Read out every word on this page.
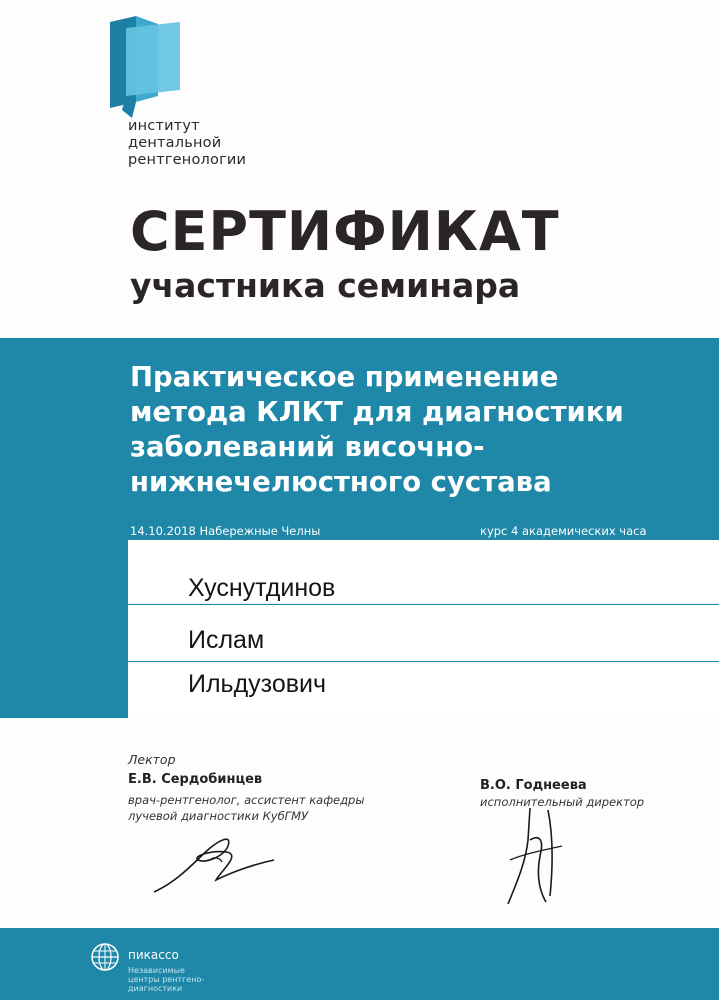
институт
дентальной
рентгенологии
СЕРТИФИКАТ
участника семинара
Практическое применение
метода КЛКТ для диагностики
заболеваний височно-
нижнечелюстного сустава
14.10.2018 Набережные Челны	курс 4 академических часа
Хуснутдинов
Ислам
Ильдузович
Лектор
Е.В. Сердобинцев
врач-рентгенолог, ассистент кафедры
лучевой диагностики КубГМУ
В.О. Годнеева
исполнительный директор
пикассо
Независимые
центры рентгено-
диагностики
